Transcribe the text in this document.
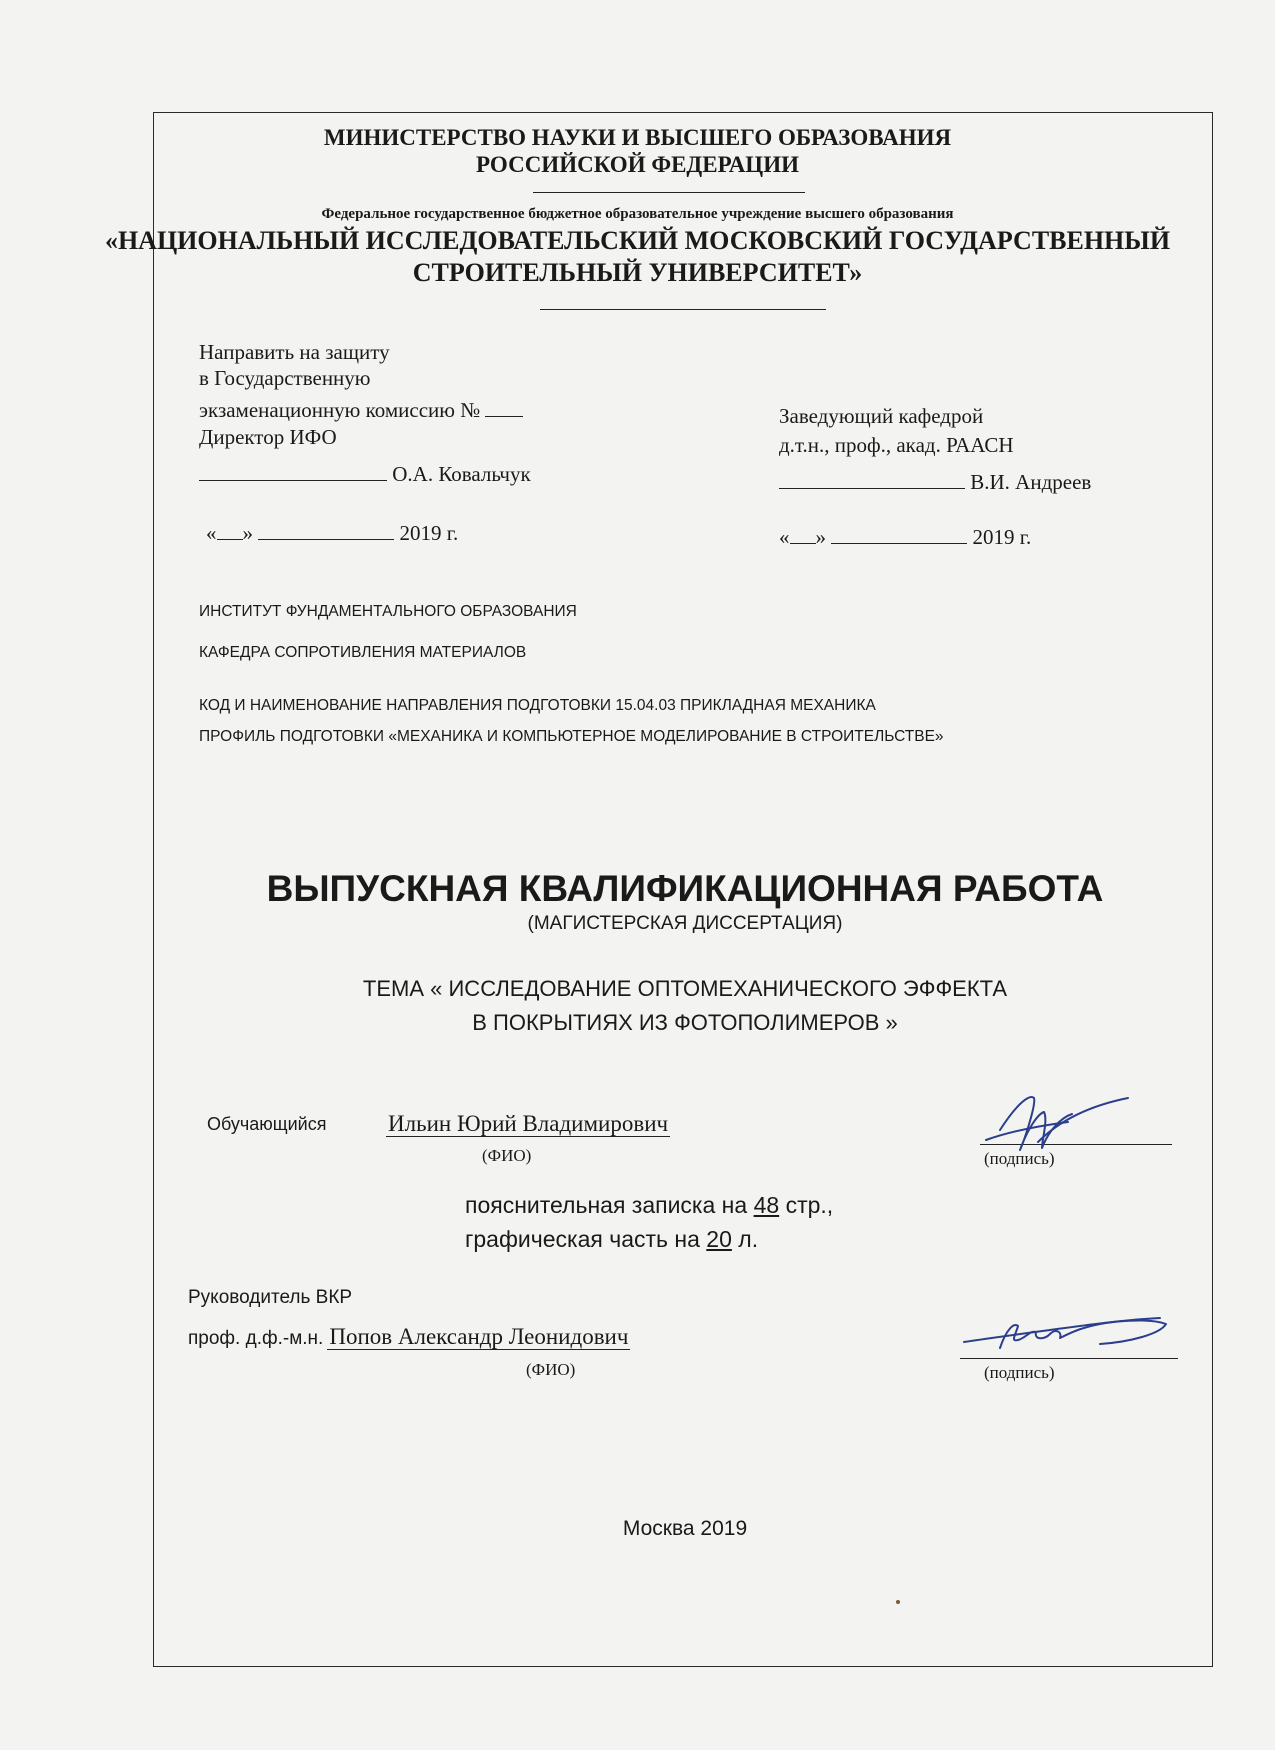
МИНИСТЕРСТВО НАУКИ И ВЫСШЕГО ОБРАЗОВАНИЯ
РОССИЙСКОЙ ФЕДЕРАЦИИ
Федеральное государственное бюджетное образовательное учреждение высшего образования
«НАЦИОНАЛЬНЫЙ ИССЛЕДОВАТЕЛЬСКИЙ МОСКОВСКИЙ ГОСУДАРСТВЕННЫЙ
СТРОИТЕЛЬНЫЙ УНИВЕРСИТЕТ»
Направить на защиту
в Государственную
экзаменационную комиссию №
Директор ИФО
О.А. Ковальчук
« »	2019 г.
Заведующий кафедрой
д.т.н., проф., акад. РААСН
В.И. Андреев
« »	2019 г.
ИНСТИТУТ ФУНДАМЕНТАЛЬНОГО ОБРАЗОВАНИЯ
КАФЕДРА СОПРОТИВЛЕНИЯ МАТЕРИАЛОВ
КОД И НАИМЕНОВАНИЕ НАПРАВЛЕНИЯ ПОДГОТОВКИ 15.04.03 ПРИКЛАДНАЯ МЕХАНИКА
ПРОФИЛЬ ПОДГОТОВКИ «МЕХАНИКА И КОМПЬЮТЕРНОЕ МОДЕЛИРОВАНИЕ В СТРОИТЕЛЬСТВЕ»
ВЫПУСКНАЯ КВАЛИФИКАЦИОННАЯ РАБОТА
(МАГИСТЕРСКАЯ ДИССЕРТАЦИЯ)
ТЕМА « ИССЛЕДОВАНИЕ ОПТОМЕХАНИЧЕСКОГО ЭФФЕКТА
В ПОКРЫТИЯХ ИЗ ФОТОПОЛИМЕРОВ »
Обучающийся	Ильин Юрий Владимирович
(ФИО)	(подпись)
пояснительная записка на 48 стр.,
графическая часть на 20 л.
Руководитель ВКР
проф. д.ф.-м.н. Попов Александр Леонидович
(ФИО)	(подпись)
Москва 2019
